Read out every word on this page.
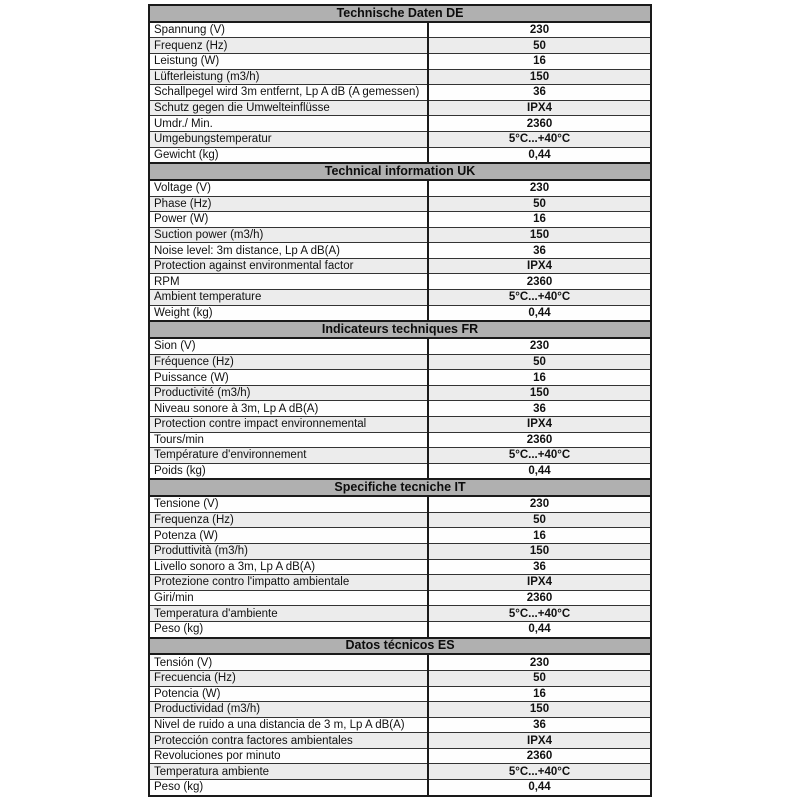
Technische Daten DE	
Spannung (V)	230
Frequenz (Hz)	50
Leistung (W)	16
Lüfterleistung (m3/h)	150
Schallpegel wird 3m entfernt, Lp A dB (A gemessen)	36
Schutz gegen die Umwelteinflüsse	IPX4
Umdr./ Min.	2360
Umgebungstemperatur	5°C...+40°C
Gewicht (kg)	0,44
Technical information UK	
Voltage (V)	230
Phase (Hz)	50
Power (W)	16
Suction power (m3/h)	150
Noise level: 3m distance, Lp A dB(A)	36
Protection against environmental factor	IPX4
RPM	2360
Ambient temperature	5°C...+40°C
Weight (kg)	0,44
Indicateurs techniques FR	
Sion (V)	230
Fréquence (Hz)	50
Puissance (W)	16
Productivité (m3/h)	150
Niveau sonore à 3m, Lp A dB(A)	36
Protection contre impact environnemental	IPX4
Tours/min	2360
Température d'environnement	5°C...+40°C
Poids (kg)	0,44
Specifiche tecniche IT	
Tensione (V)	230
Frequenza (Hz)	50
Potenza (W)	16
Produttività (m3/h)	150
Livello sonoro a 3m, Lp A dB(A)	36
Protezione contro l'impatto ambientale	IPX4
Giri/min	2360
Temperatura d'ambiente	5°C...+40°C
Peso (kg)	0,44
Datos técnicos ES	
Tensión (V)	230
Frecuencia (Hz)	50
Potencia (W)	16
Productividad (m3/h)	150
Nivel de ruido a una distancia de 3 m, Lp A dB(A)	36
Protección contra factores ambientales	IPX4
Revoluciones por minuto	2360
Temperatura ambiente	5°C...+40°C
Peso (kg)	0,44
